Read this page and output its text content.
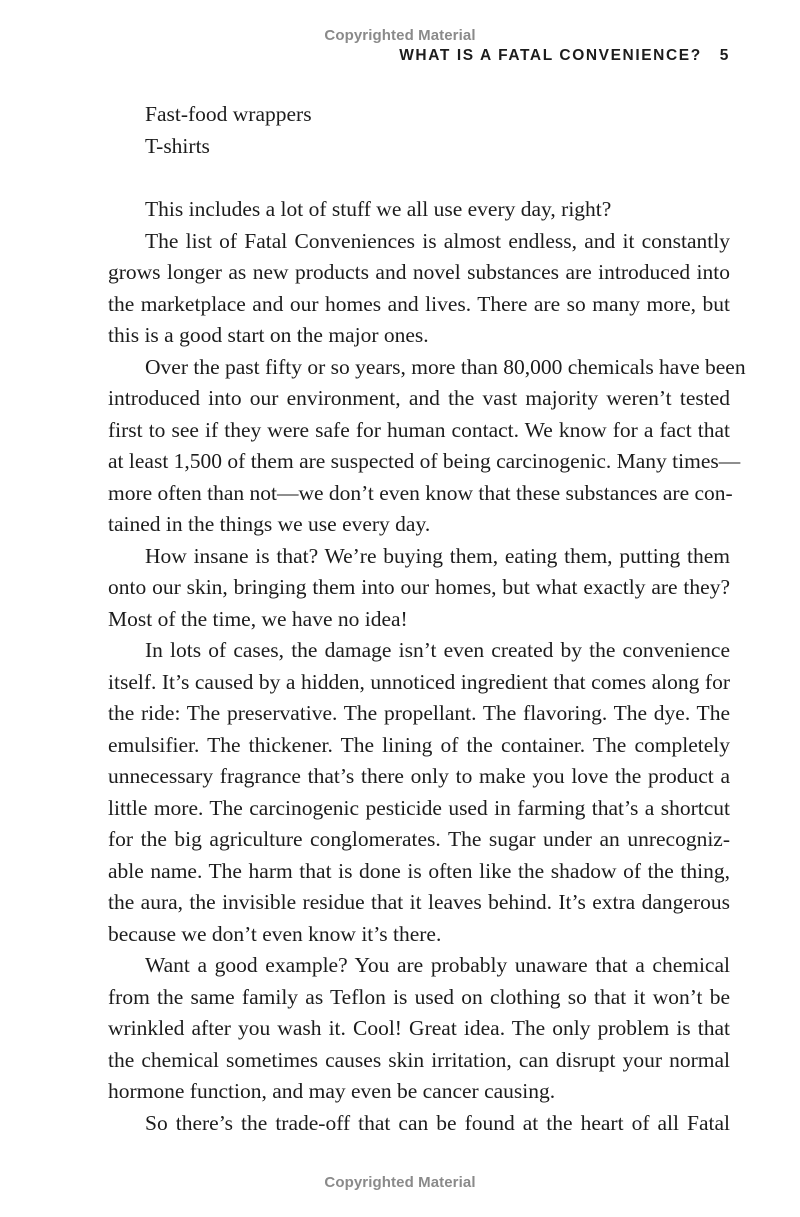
Copyrighted Material
WHAT IS A FATAL CONVENIENCE? 5
Fast-food wrappers
T-shirts
This includes a lot of stuff we all use every day, right?
The list of Fatal Conveniences is almost endless, and it constantly
grows longer as new products and novel substances are introduced into
the marketplace and our homes and lives. There are so many more, but
this is a good start on the major ones.
Over the past fifty or so years, more than 80,000 chemicals have been
introduced into our environment, and the vast majority weren’t tested
first to see if they were safe for human contact. We know for a fact that
at least 1,500 of them are suspected of being carcinogenic. Many times—
more often than not—we don’t even know that these substances are con-
tained in the things we use every day.
How insane is that? We’re buying them, eating them, putting them
onto our skin, bringing them into our homes, but what exactly are they?
Most of the time, we have no idea!
In lots of cases, the damage isn’t even created by the convenience
itself. It’s caused by a hidden, unnoticed ingredient that comes along for
the ride: The preservative. The propellant. The flavoring. The dye. The
emulsifier. The thickener. The lining of the container. The completely
unnecessary fragrance that’s there only to make you love the product a
little more. The carcinogenic pesticide used in farming that’s a shortcut
for the big agriculture conglomerates. The sugar under an unrecogniz-
able name. The harm that is done is often like the shadow of the thing,
the aura, the invisible residue that it leaves behind. It’s extra dangerous
because we don’t even know it’s there.
Want a good example? You are probably unaware that a chemical
from the same family as Teflon is used on clothing so that it won’t be
wrinkled after you wash it. Cool! Great idea. The only problem is that
the chemical sometimes causes skin irritation, can disrupt your normal
hormone function, and may even be cancer causing.
So there’s the trade-off that can be found at the heart of all Fatal
Copyrighted Material
